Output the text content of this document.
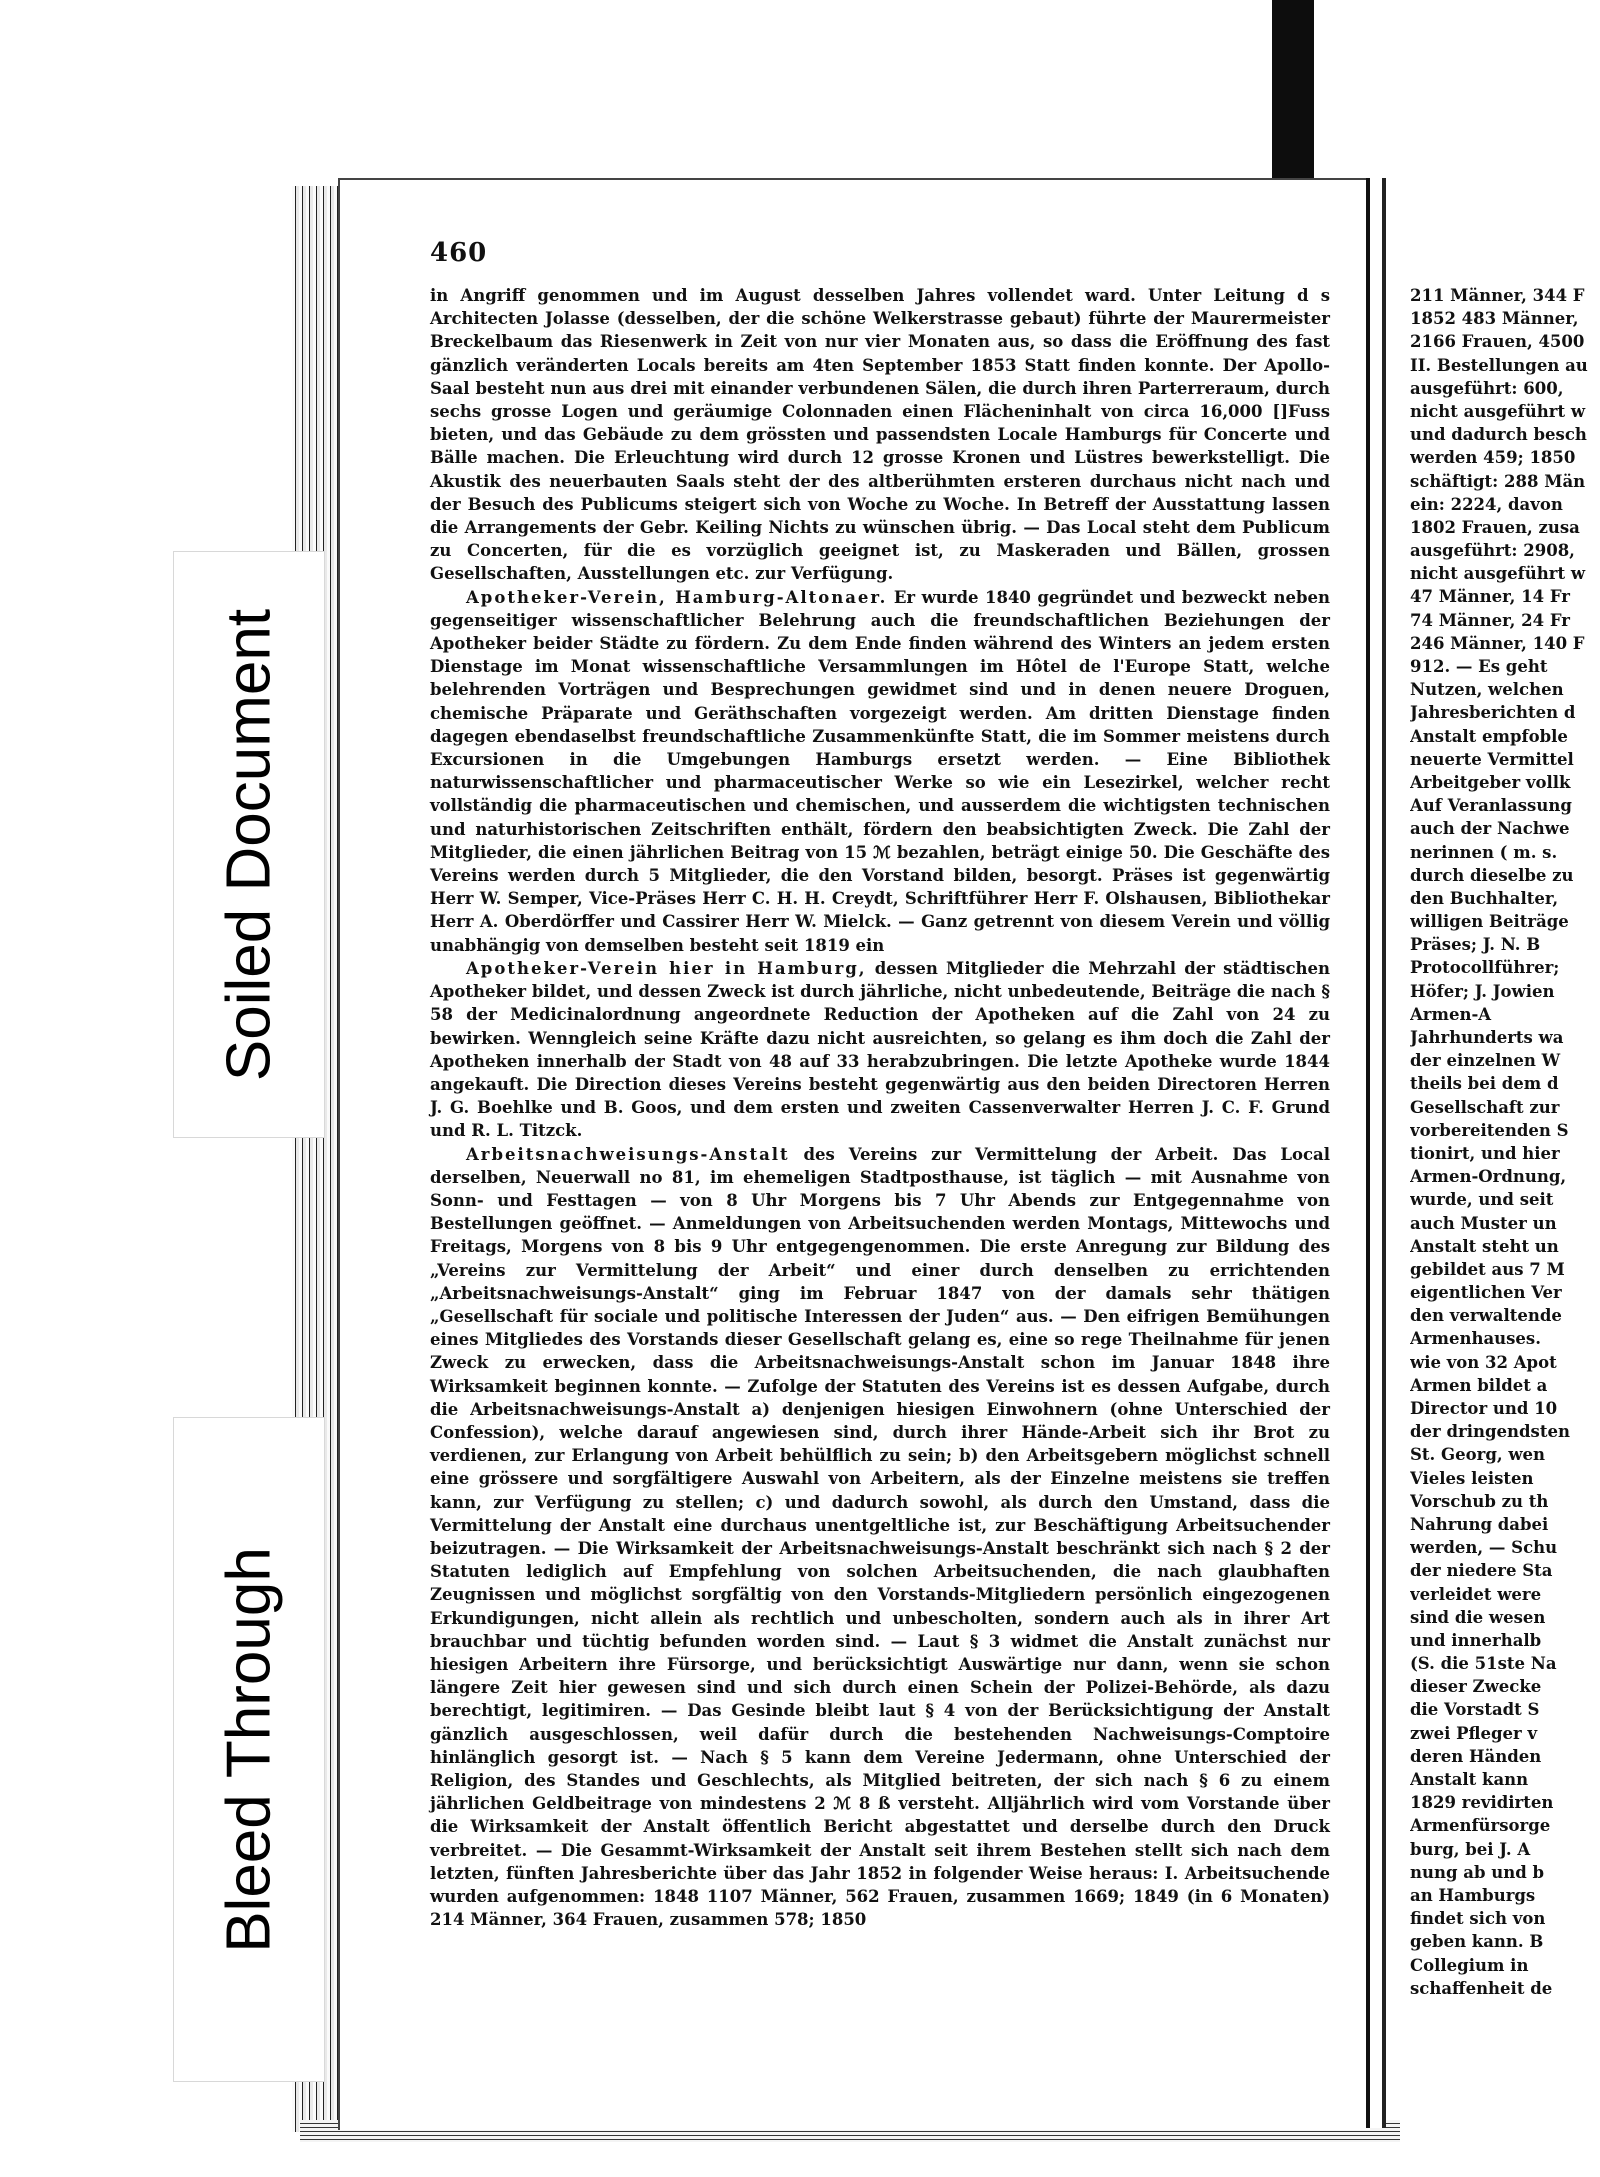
460

in Angriff genommen und im August desselben Jahres vollendet ward. Unter Leitung d s Architecten Jolasse (desselben, der die schöne Welkerstrasse gebaut) führte der Maurermeister Breckelbaum das Riesenwerk in Zeit von nur vier Monaten aus, so dass die Eröffnung des fast gänzlich veränderten Locals bereits am 4ten September 1853 Statt finden konnte. Der Apollo-Saal besteht nun aus drei mit einander verbundenen Sälen, die durch ihren Parterreraum, durch sechs grosse Logen und geräumige Colonnaden einen Flächeninhalt von circa 16,000 []Fuss bieten, und das Gebäude zu dem grössten und passendsten Locale Hamburgs für Concerte und Bälle machen. Die Erleuchtung wird durch 12 grosse Kronen und Lüstres bewerkstelligt. Die Akustik des neuerbauten Saals steht der des altberühmten ersteren durchaus nicht nach und der Besuch des Publicums steigert sich von Woche zu Woche. In Betreff der Ausstattung lassen die Arrangements der Gebr. Keiling Nichts zu wünschen übrig. — Das Local steht dem Publicum zu Concerten, für die es vorzüglich geeignet ist, zu Maskeraden und Bällen, grossen Gesellschaften, Ausstellungen etc. zur Verfügung.

Apotheker-Verein, Hamburg-Altonaer. Er wurde 1840 gegründet und bezweckt neben gegenseitiger wissenschaftlicher Belehrung auch die freundschaftlichen Beziehungen der Apotheker beider Städte zu fördern. Zu dem Ende finden während des Winters an jedem ersten Dienstage im Monat wissenschaftliche Versammlungen im Hôtel de l'Europe Statt, welche belehrenden Vorträgen und Besprechungen gewidmet sind und in denen neuere Droguen, chemische Präparate und Geräthschaften vorgezeigt werden. Am dritten Dienstage finden dagegen ebendaselbst freundschaftliche Zusammenkünfte Statt, die im Sommer meistens durch Excursionen in die Umgebungen Hamburgs ersetzt werden. — Eine Bibliothek naturwissenschaftlicher und pharmaceutischer Werke so wie ein Lesezirkel, welcher recht vollständig die pharmaceutischen und chemischen, und ausserdem die wichtigsten technischen und naturhistorischen Zeitschriften enthält, fördern den beabsichtigten Zweck. Die Zahl der Mitglieder, die einen jährlichen Beitrag von 15 ℳ bezahlen, beträgt einige 50. Die Geschäfte des Vereins werden durch 5 Mitglieder, die den Vorstand bilden, besorgt. Präses ist gegenwärtig Herr W. Semper, Vice-Präses Herr C. H. H. Creydt, Schriftführer Herr F. Olshausen, Bibliothekar Herr A. Oberdörffer und Cassirer Herr W. Mielck. — Ganz getrennt von diesem Verein und völlig unabhängig von demselben besteht seit 1819 ein

Apotheker-Verein hier in Hamburg, dessen Mitglieder die Mehrzahl der städtischen Apotheker bildet, und dessen Zweck ist durch jährliche, nicht unbedeutende, Beiträge die nach § 58 der Medicinalordnung angeordnete Reduction der Apotheken auf die Zahl von 24 zu bewirken. Wenngleich seine Kräfte dazu nicht ausreichten, so gelang es ihm doch die Zahl der Apotheken innerhalb der Stadt von 48 auf 33 herabzubringen. Die letzte Apotheke wurde 1844 angekauft. Die Direction dieses Vereins besteht gegenwärtig aus den beiden Directoren Herren J. G. Boehlke und B. Goos, und dem ersten und zweiten Cassenverwalter Herren J. C. F. Grund und R. L. Titzck.

Arbeitsnachweisungs-Anstalt des Vereins zur Vermittelung der Arbeit. Das Local derselben, Neuerwall no 81, im ehemeligen Stadtposthause, ist täglich — mit Ausnahme von Sonn- und Festtagen — von 8 Uhr Morgens bis 7 Uhr Abends zur Entgegennahme von Bestellungen geöffnet. — Anmeldungen von Arbeitsuchenden werden Montags, Mittewochs und Freitags, Morgens von 8 bis 9 Uhr entgegengenommen. Die erste Anregung zur Bildung des „Vereins zur Vermittelung der Arbeit“ und einer durch denselben zu errichtenden „Arbeitsnachweisungs-Anstalt“ ging im Februar 1847 von der damals sehr thätigen „Gesellschaft für sociale und politische Interessen der Juden“ aus. — Den eifrigen Bemühungen eines Mitgliedes des Vorstands dieser Gesellschaft gelang es, eine so rege Theilnahme für jenen Zweck zu erwecken, dass die Arbeitsnachweisungs-Anstalt schon im Januar 1848 ihre Wirksamkeit beginnen konnte. — Zufolge der Statuten des Vereins ist es dessen Aufgabe, durch die Arbeitsnachweisungs-Anstalt a) denjenigen hiesigen Einwohnern (ohne Unterschied der Confession), welche darauf angewiesen sind, durch ihrer Hände-Arbeit sich ihr Brot zu verdienen, zur Erlangung von Arbeit behülflich zu sein; b) den Arbeitsgebern möglichst schnell eine grössere und sorgfältigere Auswahl von Arbeitern, als der Einzelne meistens sie treffen kann, zur Verfügung zu stellen; c) und dadurch sowohl, als durch den Umstand, dass die Vermittelung der Anstalt eine durchaus unentgeltliche ist, zur Beschäftigung Arbeitsuchender beizutragen. — Die Wirksamkeit der Arbeitsnachweisungs-Anstalt beschränkt sich nach § 2 der Statuten lediglich auf Empfehlung von solchen Arbeitsuchenden, die nach glaubhaften Zeugnissen und möglichst sorgfältig von den Vorstands-Mitgliedern persönlich eingezogenen Erkundigungen, nicht allein als rechtlich und unbescholten, sondern auch als in ihrer Art brauchbar und tüchtig befunden worden sind. — Laut § 3 widmet die Anstalt zunächst nur hiesigen Arbeitern ihre Fürsorge, und berücksichtigt Auswärtige nur dann, wenn sie schon längere Zeit hier gewesen sind und sich durch einen Schein der Polizei-Behörde, als dazu berechtigt, legitimiren. — Das Gesinde bleibt laut § 4 von der Berücksichtigung der Anstalt gänzlich ausgeschlossen, weil dafür durch die bestehenden Nachweisungs-Comptoire hinlänglich gesorgt ist. — Nach § 5 kann dem Vereine Jedermann, ohne Unterschied der Religion, des Standes und Geschlechts, als Mitglied beitreten, der sich nach § 6 zu einem jährlichen Geldbeitrage von mindestens 2 ℳ 8 ß versteht. Alljährlich wird vom Vorstande über die Wirksamkeit der Anstalt öffentlich Bericht abgestattet und derselbe durch den Druck verbreitet. — Die Gesammt-Wirksamkeit der Anstalt seit ihrem Bestehen stellt sich nach dem letzten, fünften Jahresberichte über das Jahr 1852 in folgender Weise heraus: I. Arbeitsuchende wurden aufgenommen: 1848 1107 Männer, 562 Frauen, zusammen 1669; 1849 (in 6 Monaten) 214 Männer, 364 Frauen, zusammen 578; 1850

211 Männer, 344 F
1852 483 Männer,
2166 Frauen, 4500
II. Bestellungen au
ausgeführt: 600,
nicht ausgeführt w
und dadurch besch
werden 459; 1850
schäftigt: 288 Män
ein: 2224, davon
1802 Frauen, zusa
ausgeführt: 2908,
nicht ausgeführt w
47 Männer, 14 Fr
74 Männer, 24 Fr
246 Männer, 140 F
912. — Es geht
Nutzen, welchen
Jahresberichten d
Anstalt empfoble
neuerte Vermittel
Arbeitgeber vollk
Auf Veranlassung
auch der Nachwe
nerinnen ( m. s.
durch dieselbe zu
den Buchhalter,
willigen Beiträge
Präses; J. N. B
Protocollführer;
Höfer; J. Jowien
Armen-A
Jahrhunderts wa
der einzelnen W
theils bei dem d
Gesellschaft zur
vorbereitenden S
tionirt, und hier
Armen-Ordnung,
wurde, und seit
auch Muster un
Anstalt steht un
gebildet aus 7 M
eigentlichen Ver
den verwaltende
Armenhauses.
wie von 32 Apot
Armen bildet a
Director und 10
der dringendsten
St. Georg, wen
Vieles leisten
Vorschub zu th
Nahrung dabei
werden, — Schu
der niedere Sta
verleidet were
sind die wesen
und innerhalb
(S. die 51ste Na
dieser Zwecke
die Vorstadt S
zwei Pfleger v
deren Händen
Anstalt kann
1829 revidirten
Armenfürsorge
burg, bei J. A
nung ab und b
an Hamburgs
findet sich von
geben kann. B
Collegium in
schaffenheit de
Soiled Document
Bleed Through
